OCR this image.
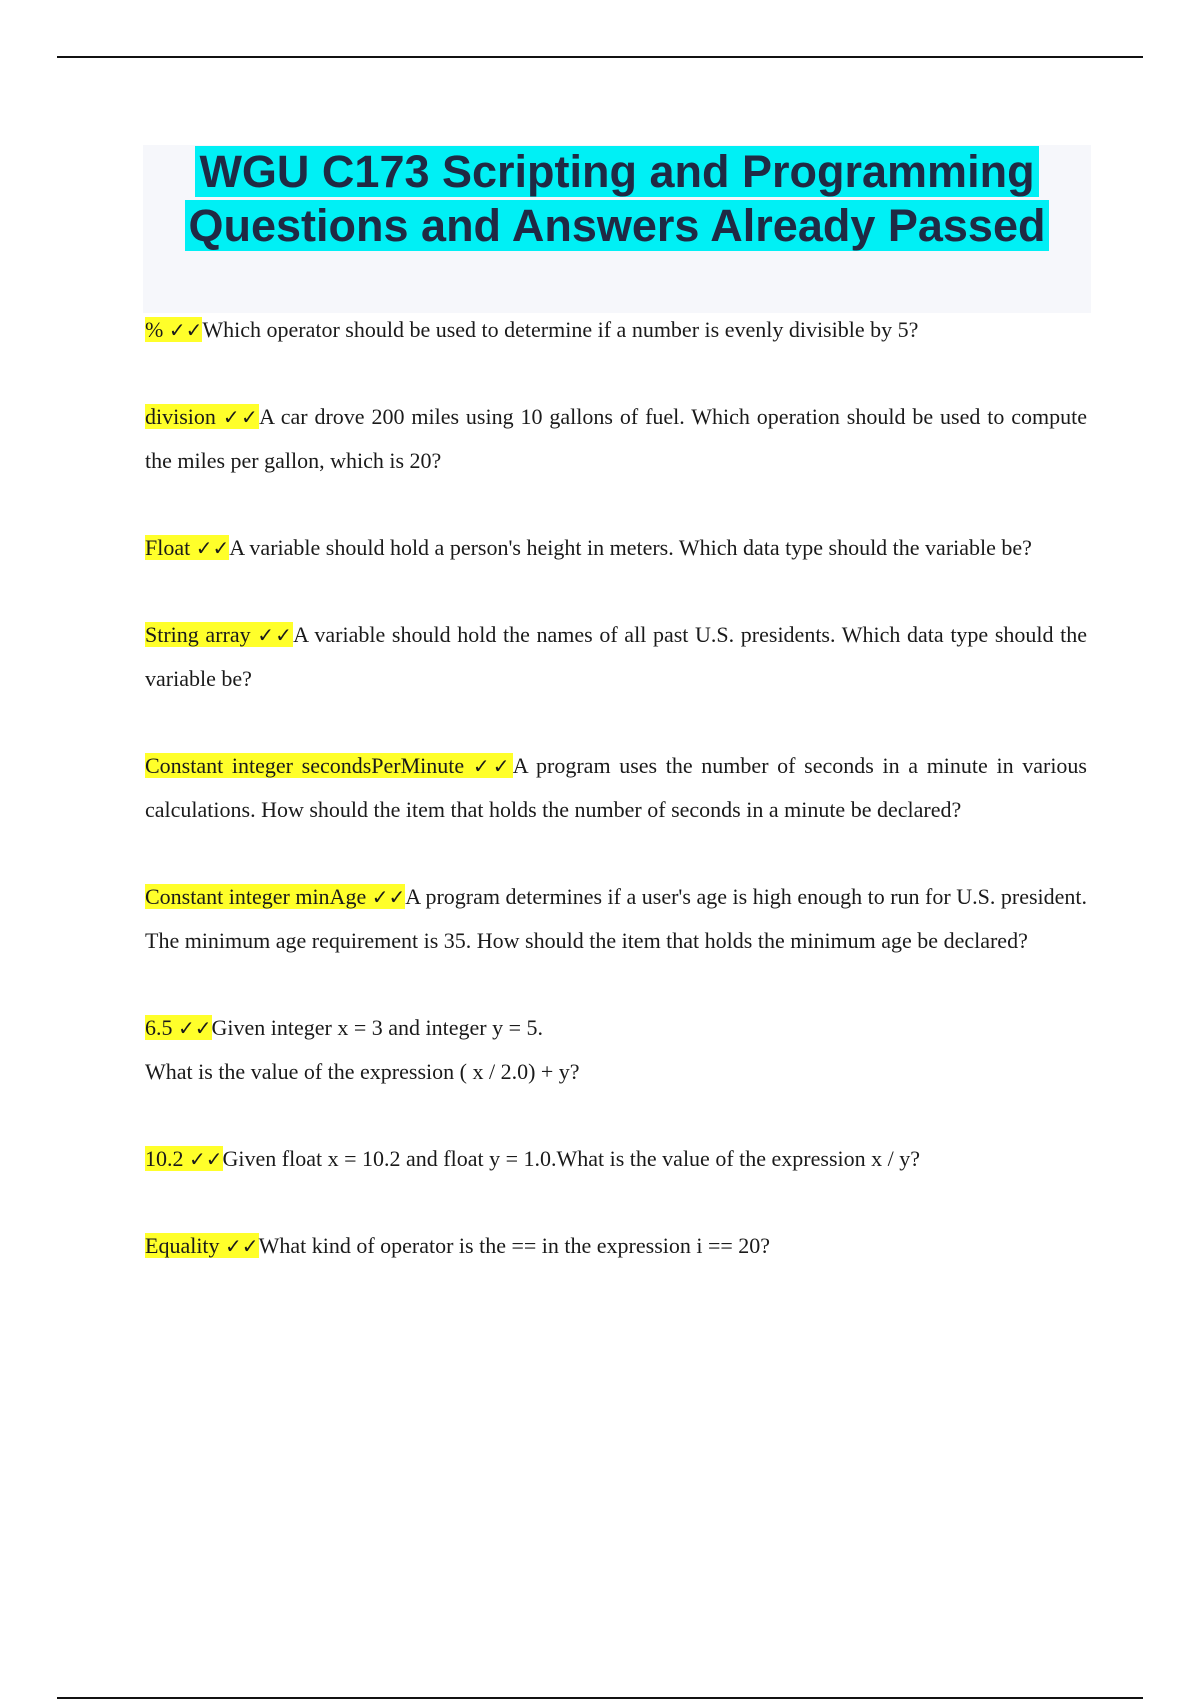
WGU C173 Scripting and Programming
Questions and Answers Already Passed

% ✓✓Which operator should be used to determine if a number is evenly divisible by 5?

division ✓✓A car drove 200 miles using 10 gallons of fuel. Which operation should be used to compute the miles per gallon, which is 20?

Float ✓✓A variable should hold a person's height in meters. Which data type should the variable be?

String array ✓✓A variable should hold the names of all past U.S. presidents. Which data type should the variable be?

Constant integer secondsPerMinute ✓✓A program uses the number of seconds in a minute in various calculations. How should the item that holds the number of seconds in a minute be declared?

Constant integer minAge ✓✓A program determines if a user's age is high enough to run for U.S. president. The minimum age requirement is 35. How should the item that holds the minimum age be declared?

6.5 ✓✓Given integer x = 3 and integer y = 5.
What is the value of the expression ( x / 2.0) + y?

10.2 ✓✓Given float x = 10.2 and float y = 1.0.What is the value of the expression x / y?

Equality ✓✓What kind of operator is the == in the expression i == 20?
